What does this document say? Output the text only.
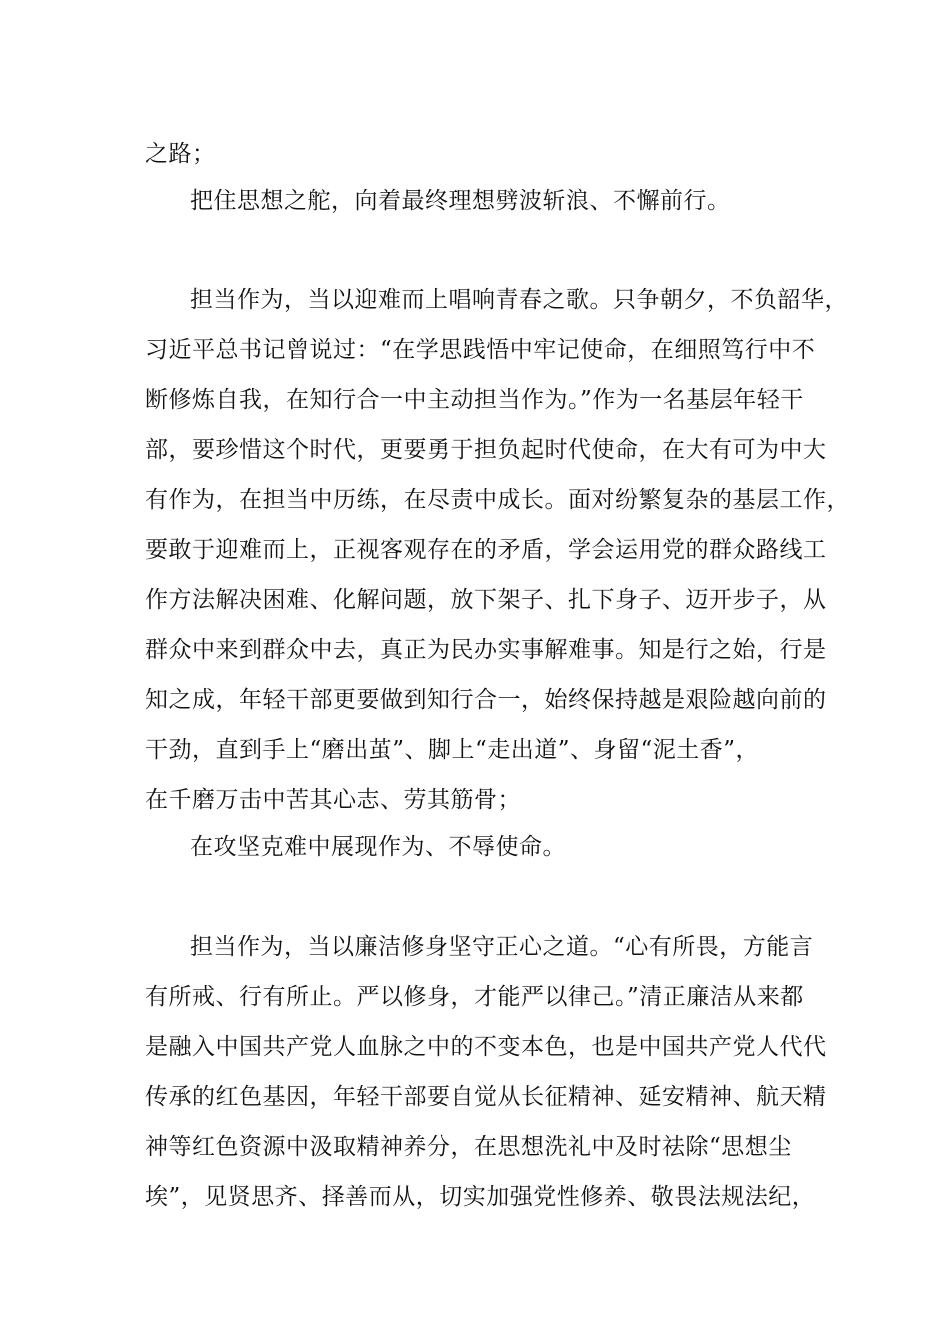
之路；
把住思想之舵，向着最终理想劈波斩浪、不懈前行。
担当作为，当以迎难而上唱响青春之歌。只争朝夕，不负韶华，
习近平总书记曾说过：“在学思践悟中牢记使命，在细照笃行中不
断修炼自我，在知行合一中主动担当作为。”作为一名基层年轻干
部，要珍惜这个时代，更要勇于担负起时代使命，在大有可为中大
有作为，在担当中历练，在尽责中成长。面对纷繁复杂的基层工作，
要敢于迎难而上，正视客观存在的矛盾，学会运用党的群众路线工
作方法解决困难、化解问题，放下架子、扎下身子、迈开步子，从
群众中来到群众中去，真正为民办实事解难事。知是行之始，行是
知之成，年轻干部更要做到知行合一，始终保持越是艰险越向前的
干劲，直到手上“磨出茧”、脚上“走出道”、身留“泥土香”，
在千磨万击中苦其心志、劳其筋骨；
在攻坚克难中展现作为、不辱使命。
担当作为，当以廉洁修身坚守正心之道。“心有所畏，方能言
有所戒、行有所止。严以修身，才能严以律己。”清正廉洁从来都
是融入中国共产党人血脉之中的不变本色，也是中国共产党人代代
传承的红色基因，年轻干部要自觉从长征精神、延安精神、航天精
神等红色资源中汲取精神养分，在思想洗礼中及时祛除“思想尘
埃”，见贤思齐、择善而从，切实加强党性修养、敬畏法规法纪，
